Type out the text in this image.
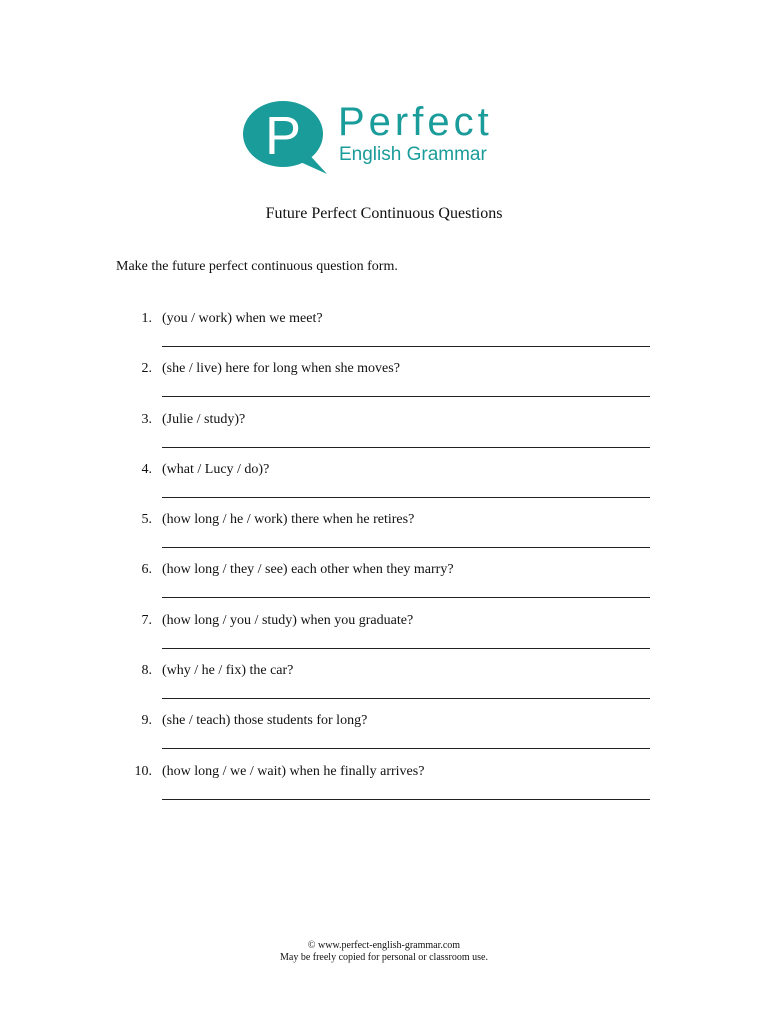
P Perfect
English Grammar
Future Perfect Continuous Questions
Make the future perfect continuous question form.
1. (you / work) when we meet?
2. (she / live) here for long when she moves?
3. (Julie / study)?
4. (what / Lucy / do)?
5. (how long / he / work) there when he retires?
6. (how long / they / see) each other when they marry?
7. (how long / you / study) when you graduate?
8. (why / he / fix) the car?
9. (she / teach) those students for long?
10. (how long / we / wait) when he finally arrives?
© www.perfect-english-grammar.com
May be freely copied for personal or classroom use.
